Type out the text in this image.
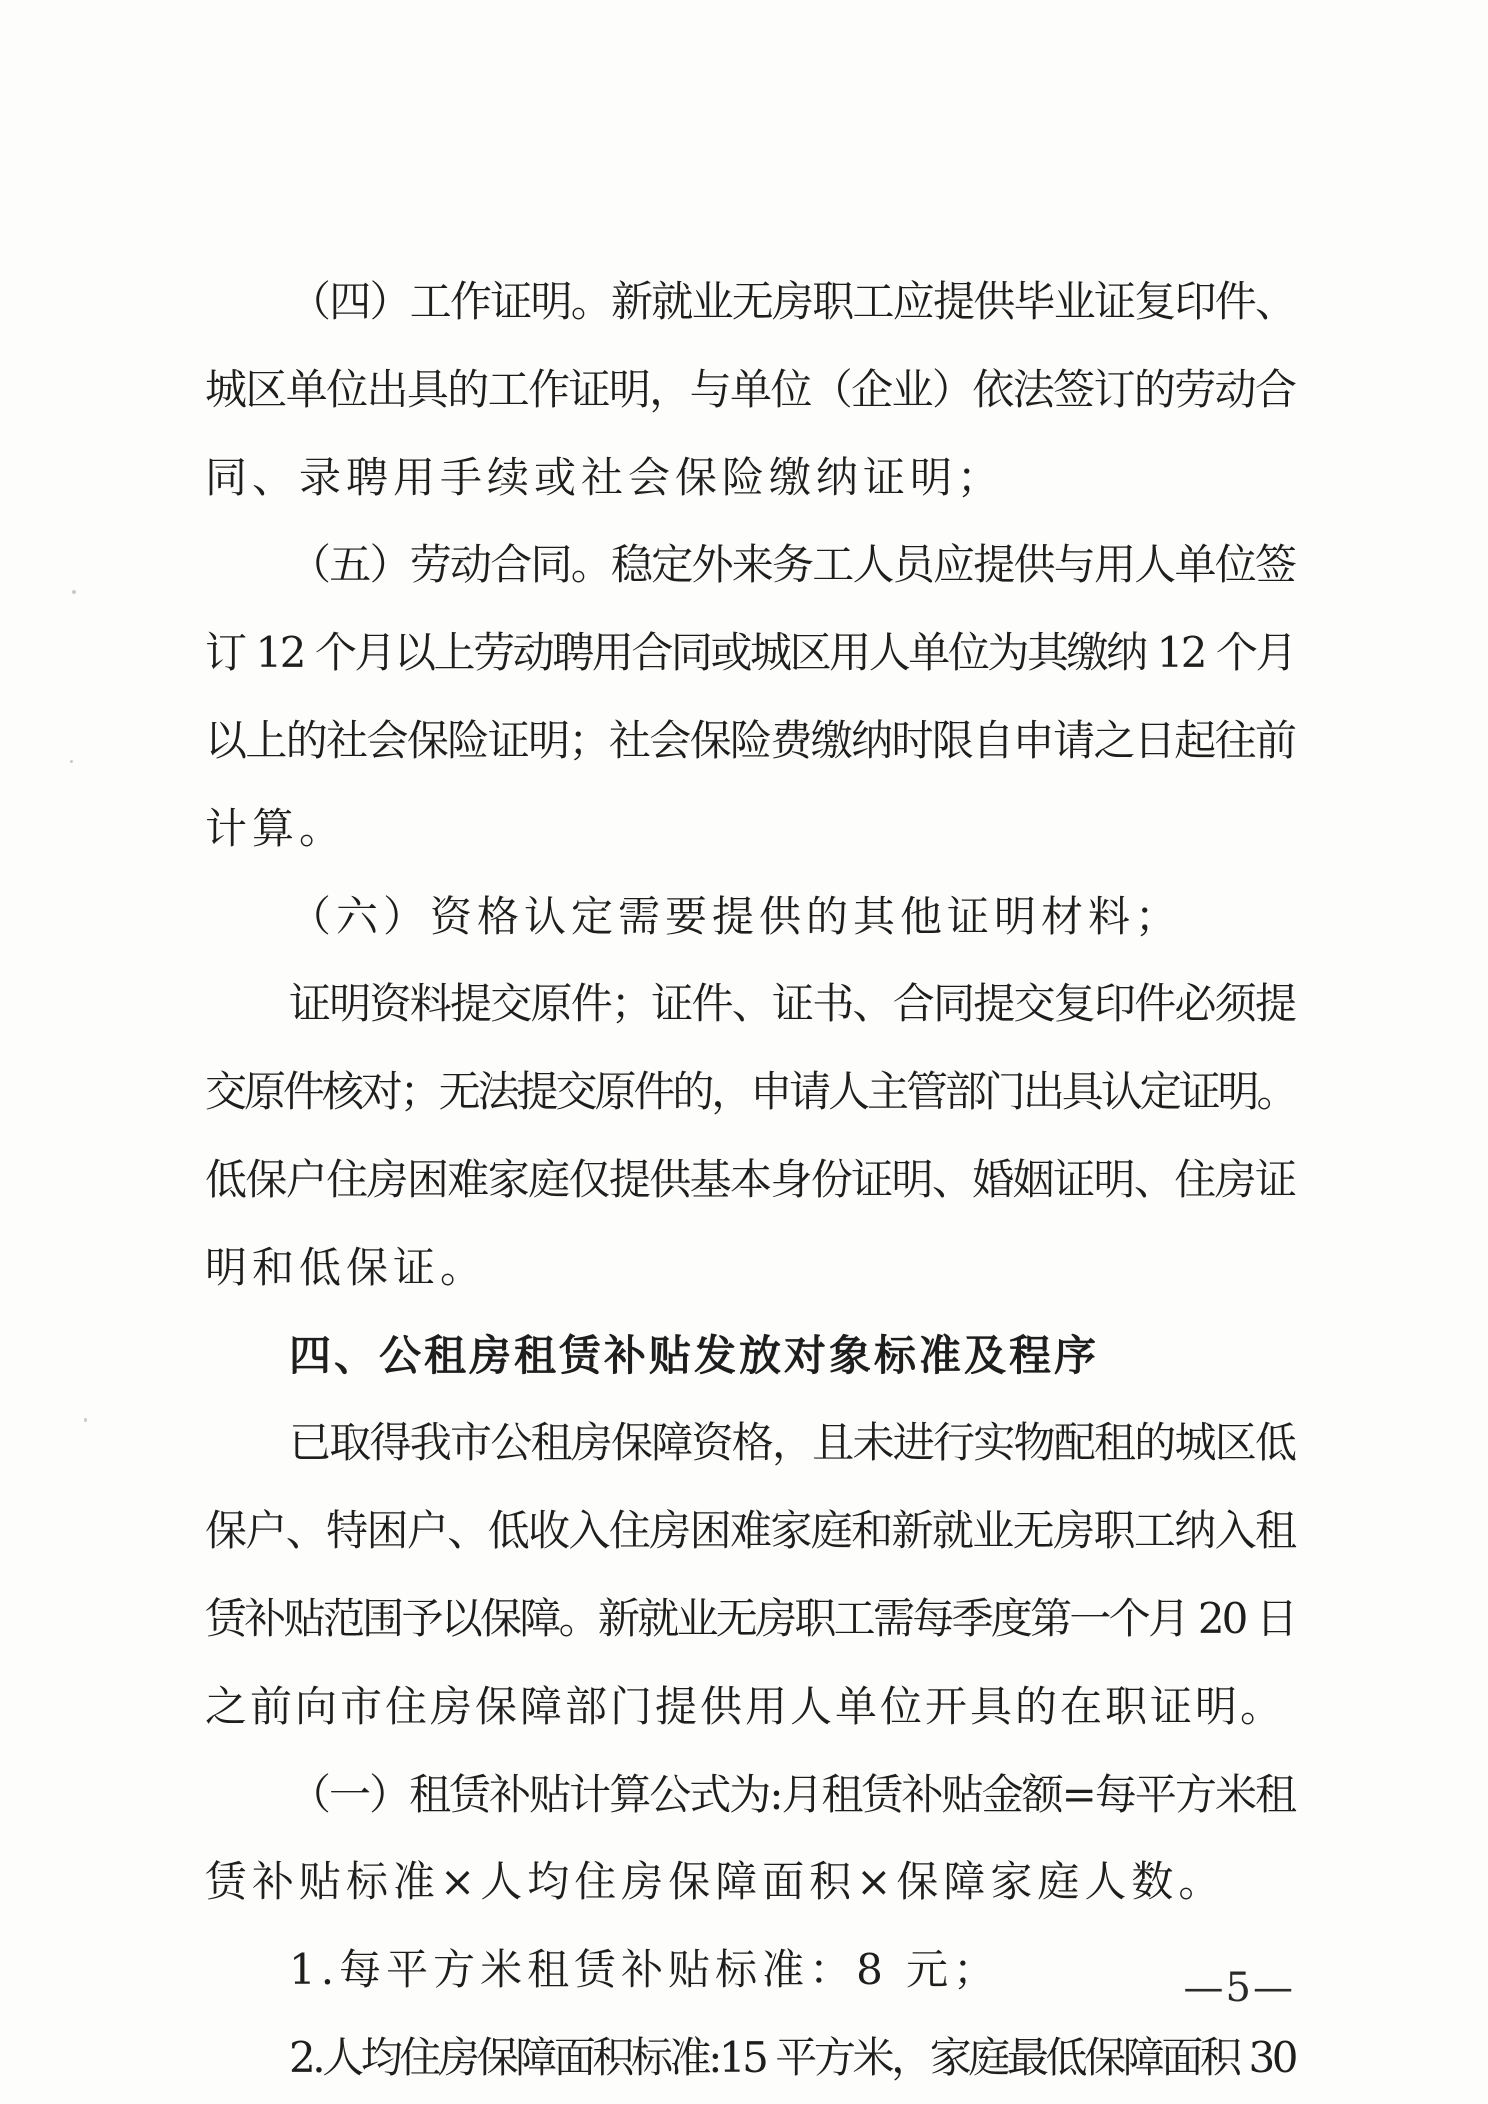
（四）工作证明。新就业无房职工应提供毕业证复印件、
城区单位出具的工作证明，与单位（企业）依法签订的劳动合
同、录聘用手续或社会保险缴纳证明；
（五）劳动合同。稳定外来务工人员应提供与用人单位签
订 12 个月以上劳动聘用合同或城区用人单位为其缴纳 12 个月
以上的社会保险证明；社会保险费缴纳时限自申请之日起往前
计算。
（六）资格认定需要提供的其他证明材料；
证明资料提交原件；证件、证书、合同提交复印件必须提
交原件核对；无法提交原件的，申请人主管部门出具认定证明。
低保户住房困难家庭仅提供基本身份证明、婚姻证明、住房证
明和低保证。
四、公租房租赁补贴发放对象标准及程序
已取得我市公租房保障资格，且未进行实物配租的城区低
保户、特困户、低收入住房困难家庭和新就业无房职工纳入租
赁补贴范围予以保障。新就业无房职工需每季度第一个月 20 日
之前向市住房保障部门提供用人单位开具的在职证明。
（一）租赁补贴计算公式为:月租赁补贴金额=每平方米租
赁补贴标准×人均住房保障面积×保障家庭人数。
1.每平方米租赁补贴标准：8 元；
2.人均住房保障面积标准:15 平方米，家庭最低保障面积 30
—5—
